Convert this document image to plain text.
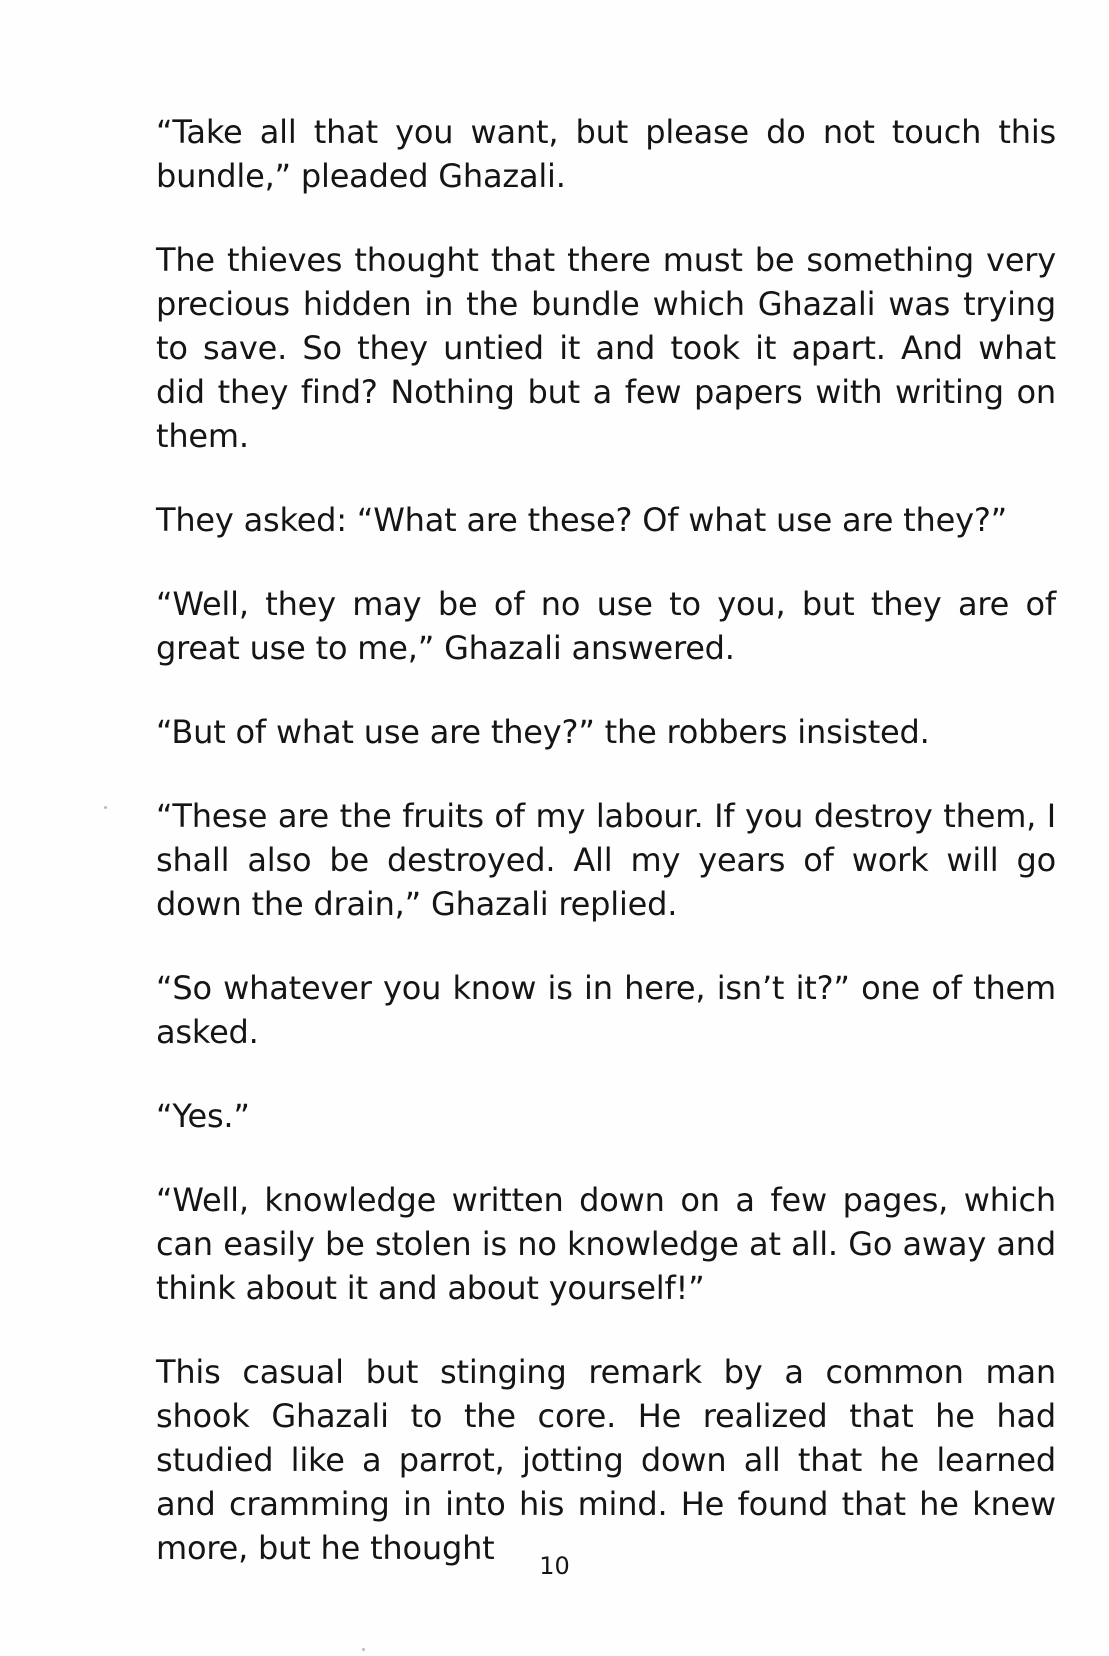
“Take all that you want, but please do not touch this bundle,” pleaded Ghazali.

The thieves thought that there must be something very precious hidden in the bundle which Ghazali was trying to save. So they untied it and took it apart. And what did they find? Nothing but a few papers with writing on them.

They asked: “What are these? Of what use are they?”

“Well, they may be of no use to you, but they are of great use to me,” Ghazali answered.

“But of what use are they?” the robbers insisted.

“These are the fruits of my labour. If you destroy them, I shall also be destroyed. All my years of work will go down the drain,” Ghazali replied.

“So whatever you know is in here, isn’t it?” one of them asked.

“Yes.”

“Well, knowledge written down on a few pages, which can easily be stolen is no knowledge at all. Go away and think about it and about yourself!”

This casual but stinging remark by a common man shook Ghazali to the core. He realized that he had studied like a parrot, jotting down all that he learned and cramming in into his mind. He found that he knew more, but he thought	10
